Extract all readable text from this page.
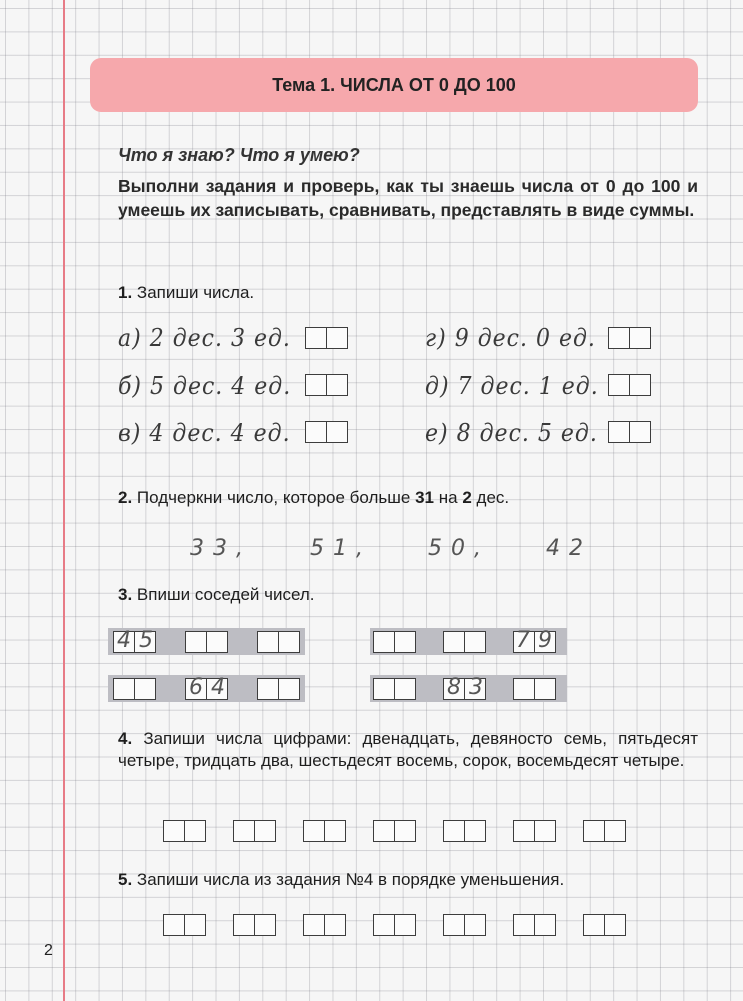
Тема 1. ЧИСЛА ОТ 0 ДО 100
Что я знаю? Что я умею?
Выполни задания и проверь, как ты знаешь числа от 0 до 100 и умеешь их записывать, сравнивать, представлять в виде суммы.
1. Запиши числа.
а) 2 дес. 3 ед.
б) 5 дес. 4 ед.
в) 4 дес. 4 ед.
г) 9 дес. 0 ед.
д) 7 дес. 1 ед.
е) 8 дес. 5 ед.
2. Подчеркни число, которое больше 31 на 2 дес.
33,	51,	50,	42
3. Впиши соседей чисел.
45	79
64	83
4. Запиши числа цифрами: двенадцать, девяносто семь, пятьдесят четыре, тридцать два, шестьдесят восемь, сорок, восемьдесят четыре.
5. Запиши числа из задания №4 в порядке уменьшения.
2
